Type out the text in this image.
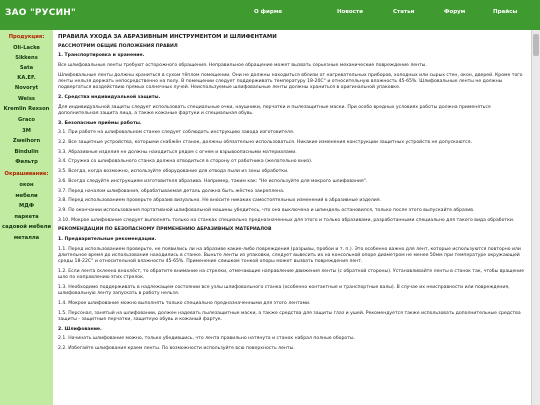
ЗАО "РУСИН"	О фирме	Новости	Статьи	Форум	Прайсы
Продукция:
Oli-Lacke
Sikkens
Sata
KA.EF.
Novoryt
Weiss
Kremlin Rexson
Graco
3M
Zweihorn
Bindulin
Фильтр
Окрашивание:
окон
мебели
МДФ
паркета
садовой мебели
металла

ПРАВИЛА УХОДА ЗА АБРАЗИВНЫМ ИНСТРУМЕНТОМ И ШЛИФЕНТАМИ

РАССМОТРИМ ОБЩИЕ ПОЛОЖЕНИЯ ПРАВИЛ

1. Транспортировка и хранение.

Все шлифовальные ленты требуют осторожного обращения. Неправильное обращение может вызвать серьезные механические повреждение ленты.

Шлифовальные ленты должны храниться в сухом тёплом помещении. Они не должны находиться вблизи от нагревательных приборов, холодных или сырых стен, окон, дверей. Кроме того ленты нельзя держать непосредственно на полу. В помещении следует поддерживать температуру 18-20С° и относительную влажность 45-65%. Шлифовальные ленты не должны подвергаться воздействию прямых солнечных лучей. Неиспользуемые шлифовальные ленты должны храниться в оригинальной упаковке.

2. Средства индивидуальной защиты.

Для индивидуальной защиты следует использовать специальные очки, наушники, перчатки и пылезащитные маски. При особо вредных условиях работы должна применяться дополнительная защита лица, а также кожаные фартуки и специальная обувь.

3. Безопасные приёмы работы.

3.1. При работе на шлифовальном станке следует соблюдать инструкцию завода изготовителя.

3.2. Все защитные устройства, которыми снабжён станок, должны обязательно использоваться. Никакие изменения конструкции защитных устройств не допускаются.

3.3. Абразивные изделия не должны находиться рядом с огнем и взрывоопасными материалами.

3.4. Стружка со шлифовального станка должна отводиться в сторону от работника (желательно вниз).

3.5. Всегда, когда возможно, используйте оборудование для отвода пыли из зоны обработки.

3.6. Всегда следуйте инструкциям изготовителя абразива. Например, таким как: "Не используйте для мокрого шлифования".

3.7. Перед началом шлифования, обрабатываемая деталь должна быть жёстко закреплена.

3.8. Перед использованием проверьте абразив визуально. Не вносите никаких самостоятельных изменений в абразивные изделия.

3.9. По окончании использования портативной шлифовальной машины убедитесь, что она выключена и шпиндель остановился, только после этого выпускайте абразив.

3.10. Мокрое шлифование следует выполнять только на станках специально предназначенных для этого и только абразивами, разработанными специально для такого вида обработки.

РЕКОМЕНДАЦИИ ПО БЕЗОПАСНОМУ ПРИМЕНЕНИЮ АБРАЗИВНЫХ МАТЕРИАЛОВ

1. Предварительные рекомендации.

1.1. Перед использованием проверьте, не появились ли на абразиве какие-либо повреждения (разрывы, пробои и т. п.). Это особенно важно для лент, которые используются повторно или длительное время до использования находились в станке. Выньте ленты из упаковки, следует вывесить их на консольной опоре диаметром не менее 50мм при температуре окружающей среды 18-22С° и относительной влажности 45-65%. Применение слишком тонкой опоры может вызвать повреждения лент.

1.2. Если лента склеена внахлёст, то обратите внимание на стрелки, отмечающие направление движения ленты (с обратной стороны). Устанавливайте ленты в станок так, чтобы вращение шло по направлению этих стрелок.

1.3. Необходимо поддерживать в надлежащем состоянии все узлы шлифовального станка (особенно контактные и транспортные валы). В случае их неисправности или повреждения, шлифовальную ленту запускать в работу нельзя.

1.4. Мокрое шлифование можно выполнять только специально предназначенными для этого лентами.

1.5. Персонал, занятый на шлифовании, должен надевать пылезащитные маски, а также средства для защиты глаз и ушей. Рекомендуется также использовать дополнительные средства защиты - защитные перчатки, защитную обувь и кожаный фартук.

2. Шлифование.

2.1. Начинать шлифование можно, только убедившись, что лента правильно натянута и станок набрал полные обороты.

2.2. Избегайте шлифования краем ленты. По возможности используйте всю поверхность ленты.
